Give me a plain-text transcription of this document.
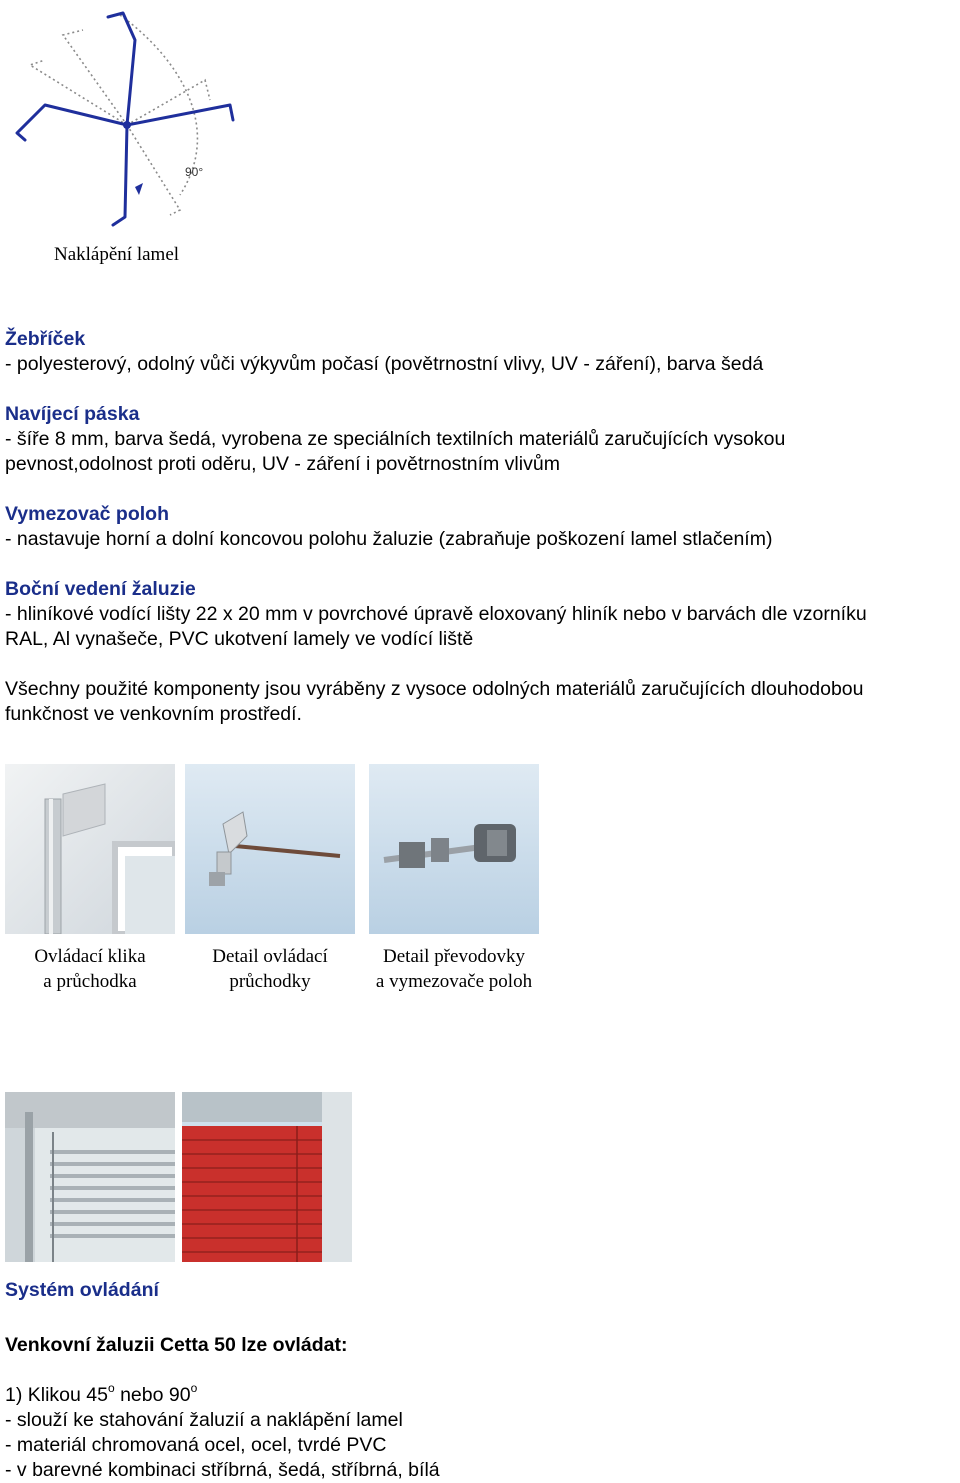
90°
Naklápění lamel
Žebříček
- polyesterový, odolný vůči výkyvům počasí (povětrnostní vlivy, UV - záření), barva šedá
Navíjecí páska
- šíře 8 mm, barva šedá, vyrobena ze speciálních textilních materiálů zaručujících vysokou
pevnost,odolnost proti oděru, UV - záření i povětrnostním vlivům
Vymezovač poloh
- nastavuje horní a dolní koncovou polohu žaluzie (zabraňuje poškození lamel stlačením)
Boční vedení žaluzie
- hliníkové vodící lišty 22 x 20 mm v povrchové úpravě eloxovaný hliník nebo v barvách dle vzorníku
RAL, Al vynašeče, PVC ukotvení lamely ve vodící liště
Všechny použité komponenty jsou vyráběny z vysoce odolných materiálů zaručujících dlouhodobou
funkčnost ve venkovním prostředí.
Ovládací klika
a průchodka
Detail ovládací
průchodky
Detail převodovky
a vymezovače poloh
Systém ovládání
Venkovní žaluzii Cetta 50 lze ovládat:
1) Klikou 45$^o$ nebo 90$^o$
- slouží ke stahování žaluzií a naklápění lamel
- materiál chromovaná ocel, ocel, tvrdé PVC
- v barevné kombinaci stříbrná, šedá, stříbrná, bílá
